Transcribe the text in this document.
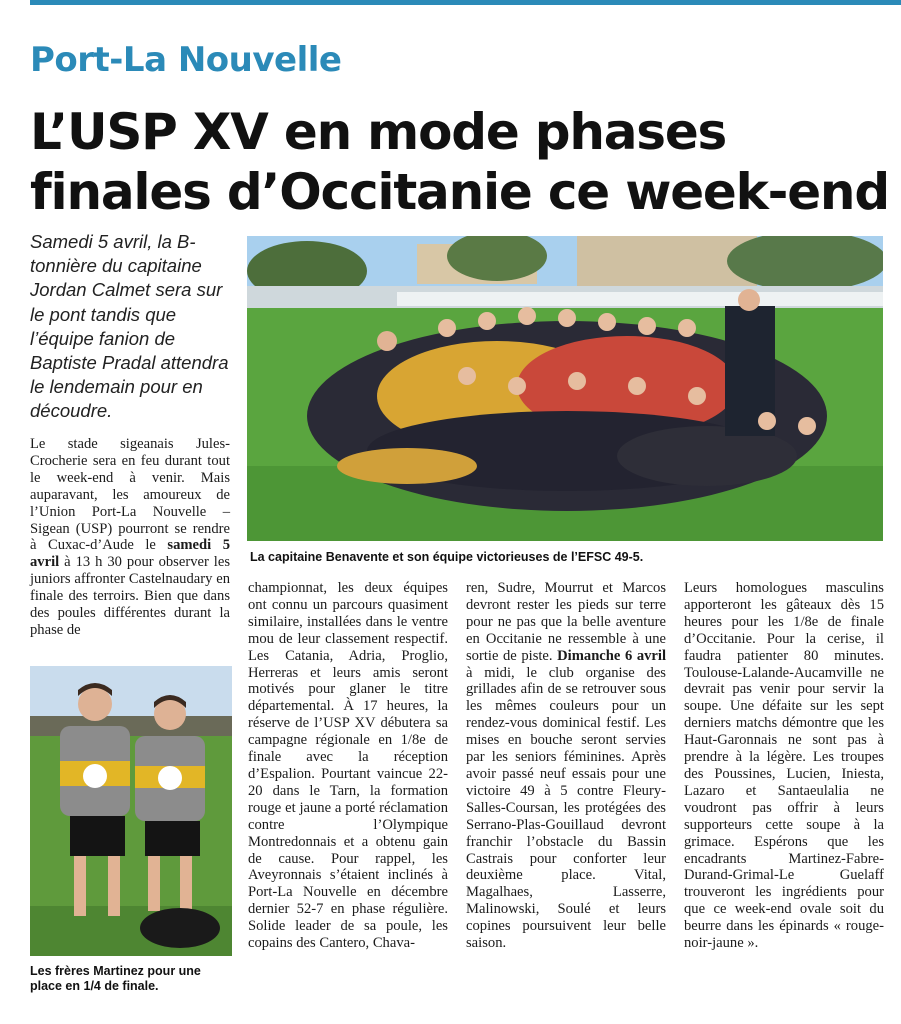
Port-La Nouvelle
L’USP XV en mode phases finales d’Occitanie ce week-end
Samedi 5 avril, la B-tonnière du capitaine Jordan Calmet sera sur le pont tandis que l’équipe fanion de Baptiste Pradal attendra le lendemain pour en découdre.
La capitaine Benavente et son équipe victorieuses de l’EFSC 49-5.
Les frères Martinez pour une place en 1/4 de finale.

Le stade sigeanais Jules-Crocherie sera en feu durant tout le week-end à venir. Mais auparavant, les amoureux de l’Union Port-La Nouvelle – Sigean (USP) pourront se rendre à Cuxac-d’Aude le samedi 5 avril à 13 h 30 pour observer les juniors affronter Castelnaudary en finale des terroirs. Bien que dans des poules différentes durant la phase de

championnat, les deux équipes ont connu un parcours quasiment similaire, installées dans le ventre mou de leur classement respectif. Les Catania, Adria, Proglio, Herreras et leurs amis seront motivés pour glaner le titre départemental. À 17 heures, la réserve de l’USP XV débutera sa campagne régionale en 1/8e de finale avec la réception d’Espalion. Pourtant vaincue 22-20 dans le Tarn, la formation rouge et jaune a porté réclamation contre l’Olympique Montredonnais et a obtenu gain de cause. Pour rappel, les Aveyronnais s’étaient inclinés à Port-La Nouvelle en décembre dernier 52-7 en phase régulière. Solide leader de sa poule, les copains des Cantero, Chava-

ren, Sudre, Mourrut et Marcos devront rester les pieds sur terre pour ne pas que la belle aventure en Occitanie ne ressemble à une sortie de piste. Dimanche 6 avril à midi, le club organise des grillades afin de se retrouver sous les mêmes couleurs pour un rendez-vous dominical festif. Les mises en bouche seront servies par les seniors féminines. Après avoir passé neuf essais pour une victoire 49 à 5 contre Fleury-Salles-Coursan, les protégées des Serrano-Plas-Gouillaud devront franchir l’obstacle du Bassin Castrais pour conforter leur deuxième place. Vital, Magalhaes, Lasserre, Malinowski, Soulé et leurs copines poursuivent leur belle saison.

Leurs homologues masculins apporteront les gâteaux dès 15 heures pour les 1/8e de finale d’Occitanie. Pour la cerise, il faudra patienter 80 minutes. Toulouse-Lalande-Aucamville ne devrait pas venir pour servir la soupe. Une défaite sur les sept derniers matchs démontre que les Haut-Garonnais ne sont pas à prendre à la légère. Les troupes des Poussines, Lucien, Iniesta, Lazaro et Santaeulalia ne voudront pas offrir à leurs supporteurs cette soupe à la grimace. Espérons que les encadrants Martinez-Fabre-Durand-Grimal-Le Guelaff trouveront les ingrédients pour que ce week-end ovale soit du beurre dans les épinards « rouge-noir-jaune ».
